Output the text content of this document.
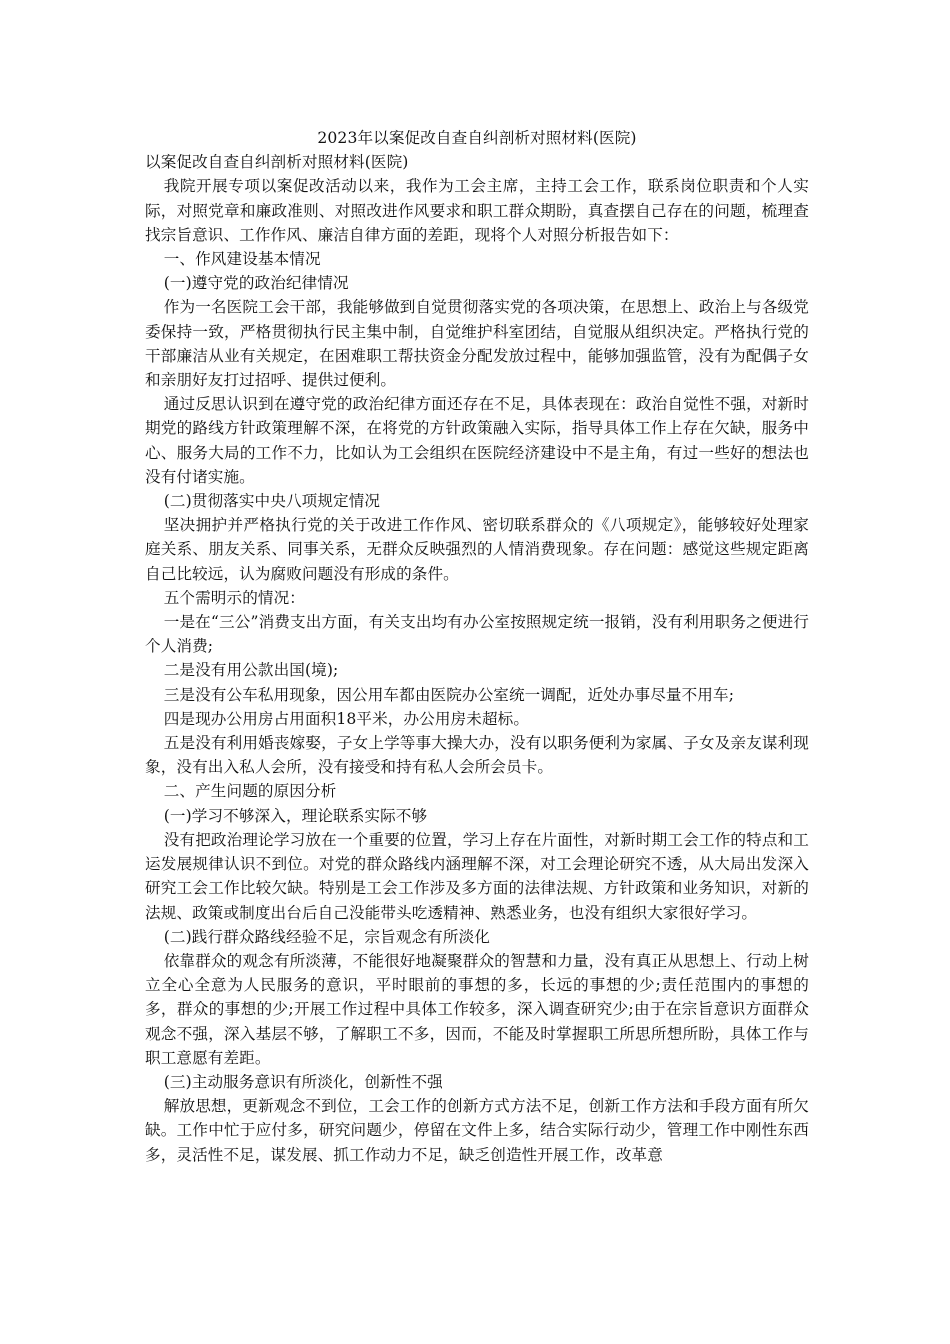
2023年以案促改自查自纠剖析对照材料(医院)

以案促改自查自纠剖析对照材料(医院)

我院开展专项以案促改活动以来，我作为工会主席，主持工会工作，联系岗位职责和个人实际，对照党章和廉政准则、对照改进作风要求和职工群众期盼，真查摆自己存在的问题，梳理查找宗旨意识、工作作风、廉洁自律方面的差距，现将个人对照分析报告如下：

一、作风建设基本情况

(一)遵守党的政治纪律情况

作为一名医院工会干部，我能够做到自觉贯彻落实党的各项决策，在思想上、政治上与各级党委保持一致，严格贯彻执行民主集中制，自觉维护科室团结，自觉服从组织决定。严格执行党的干部廉洁从业有关规定，在困难职工帮扶资金分配发放过程中，能够加强监管，没有为配偶子女和亲朋好友打过招呼、提供过便利。

通过反思认识到在遵守党的政治纪律方面还存在不足，具体表现在：政治自觉性不强，对新时期党的路线方针政策理解不深，在将党的方针政策融入实际，指导具体工作上存在欠缺，服务中心、服务大局的工作不力，比如认为工会组织在医院经济建设中不是主角，有过一些好的想法也没有付诸实施。

(二)贯彻落实中央八项规定情况

坚决拥护并严格执行党的关于改进工作作风、密切联系群众的《八项规定》，能够较好处理家庭关系、朋友关系、同事关系，无群众反映强烈的人情消费现象。存在问题：感觉这些规定距离自己比较远，认为腐败问题没有形成的条件。

五个需明示的情况：

一是在“三公”消费支出方面，有关支出均有办公室按照规定统一报销，没有利用职务之便进行个人消费;

二是没有用公款出国(境);

三是没有公车私用现象，因公用车都由医院办公室统一调配，近处办事尽量不用车;

四是现办公用房占用面积18平米，办公用房未超标。

五是没有利用婚丧嫁娶，子女上学等事大操大办，没有以职务便利为家属、子女及亲友谋利现象，没有出入私人会所，没有接受和持有私人会所会员卡。

二、产生问题的原因分析

(一)学习不够深入，理论联系实际不够

没有把政治理论学习放在一个重要的位置，学习上存在片面性，对新时期工会工作的特点和工运发展规律认识不到位。对党的群众路线内涵理解不深，对工会理论研究不透，从大局出发深入研究工会工作比较欠缺。特别是工会工作涉及多方面的法律法规、方针政策和业务知识，对新的法规、政策或制度出台后自己没能带头吃透精神、熟悉业务，也没有组织大家很好学习。

(二)践行群众路线经验不足，宗旨观念有所淡化

依靠群众的观念有所淡薄，不能很好地凝聚群众的智慧和力量，没有真正从思想上、行动上树立全心全意为人民服务的意识，平时眼前的事想的多，长远的事想的少;责任范围内的事想的多，群众的事想的少;开展工作过程中具体工作较多，深入调查研究少;由于在宗旨意识方面群众观念不强，深入基层不够，了解职工不多，因而，不能及时掌握职工所思所想所盼，具体工作与职工意愿有差距。

(三)主动服务意识有所淡化，创新性不强

解放思想，更新观念不到位，工会工作的创新方式方法不足，创新工作方法和手段方面有所欠缺。工作中忙于应付多，研究问题少，停留在文件上多，结合实际行动少，管理工作中刚性东西多，灵活性不足，谋发展、抓工作动力不足，缺乏创造性开展工作，改革意
